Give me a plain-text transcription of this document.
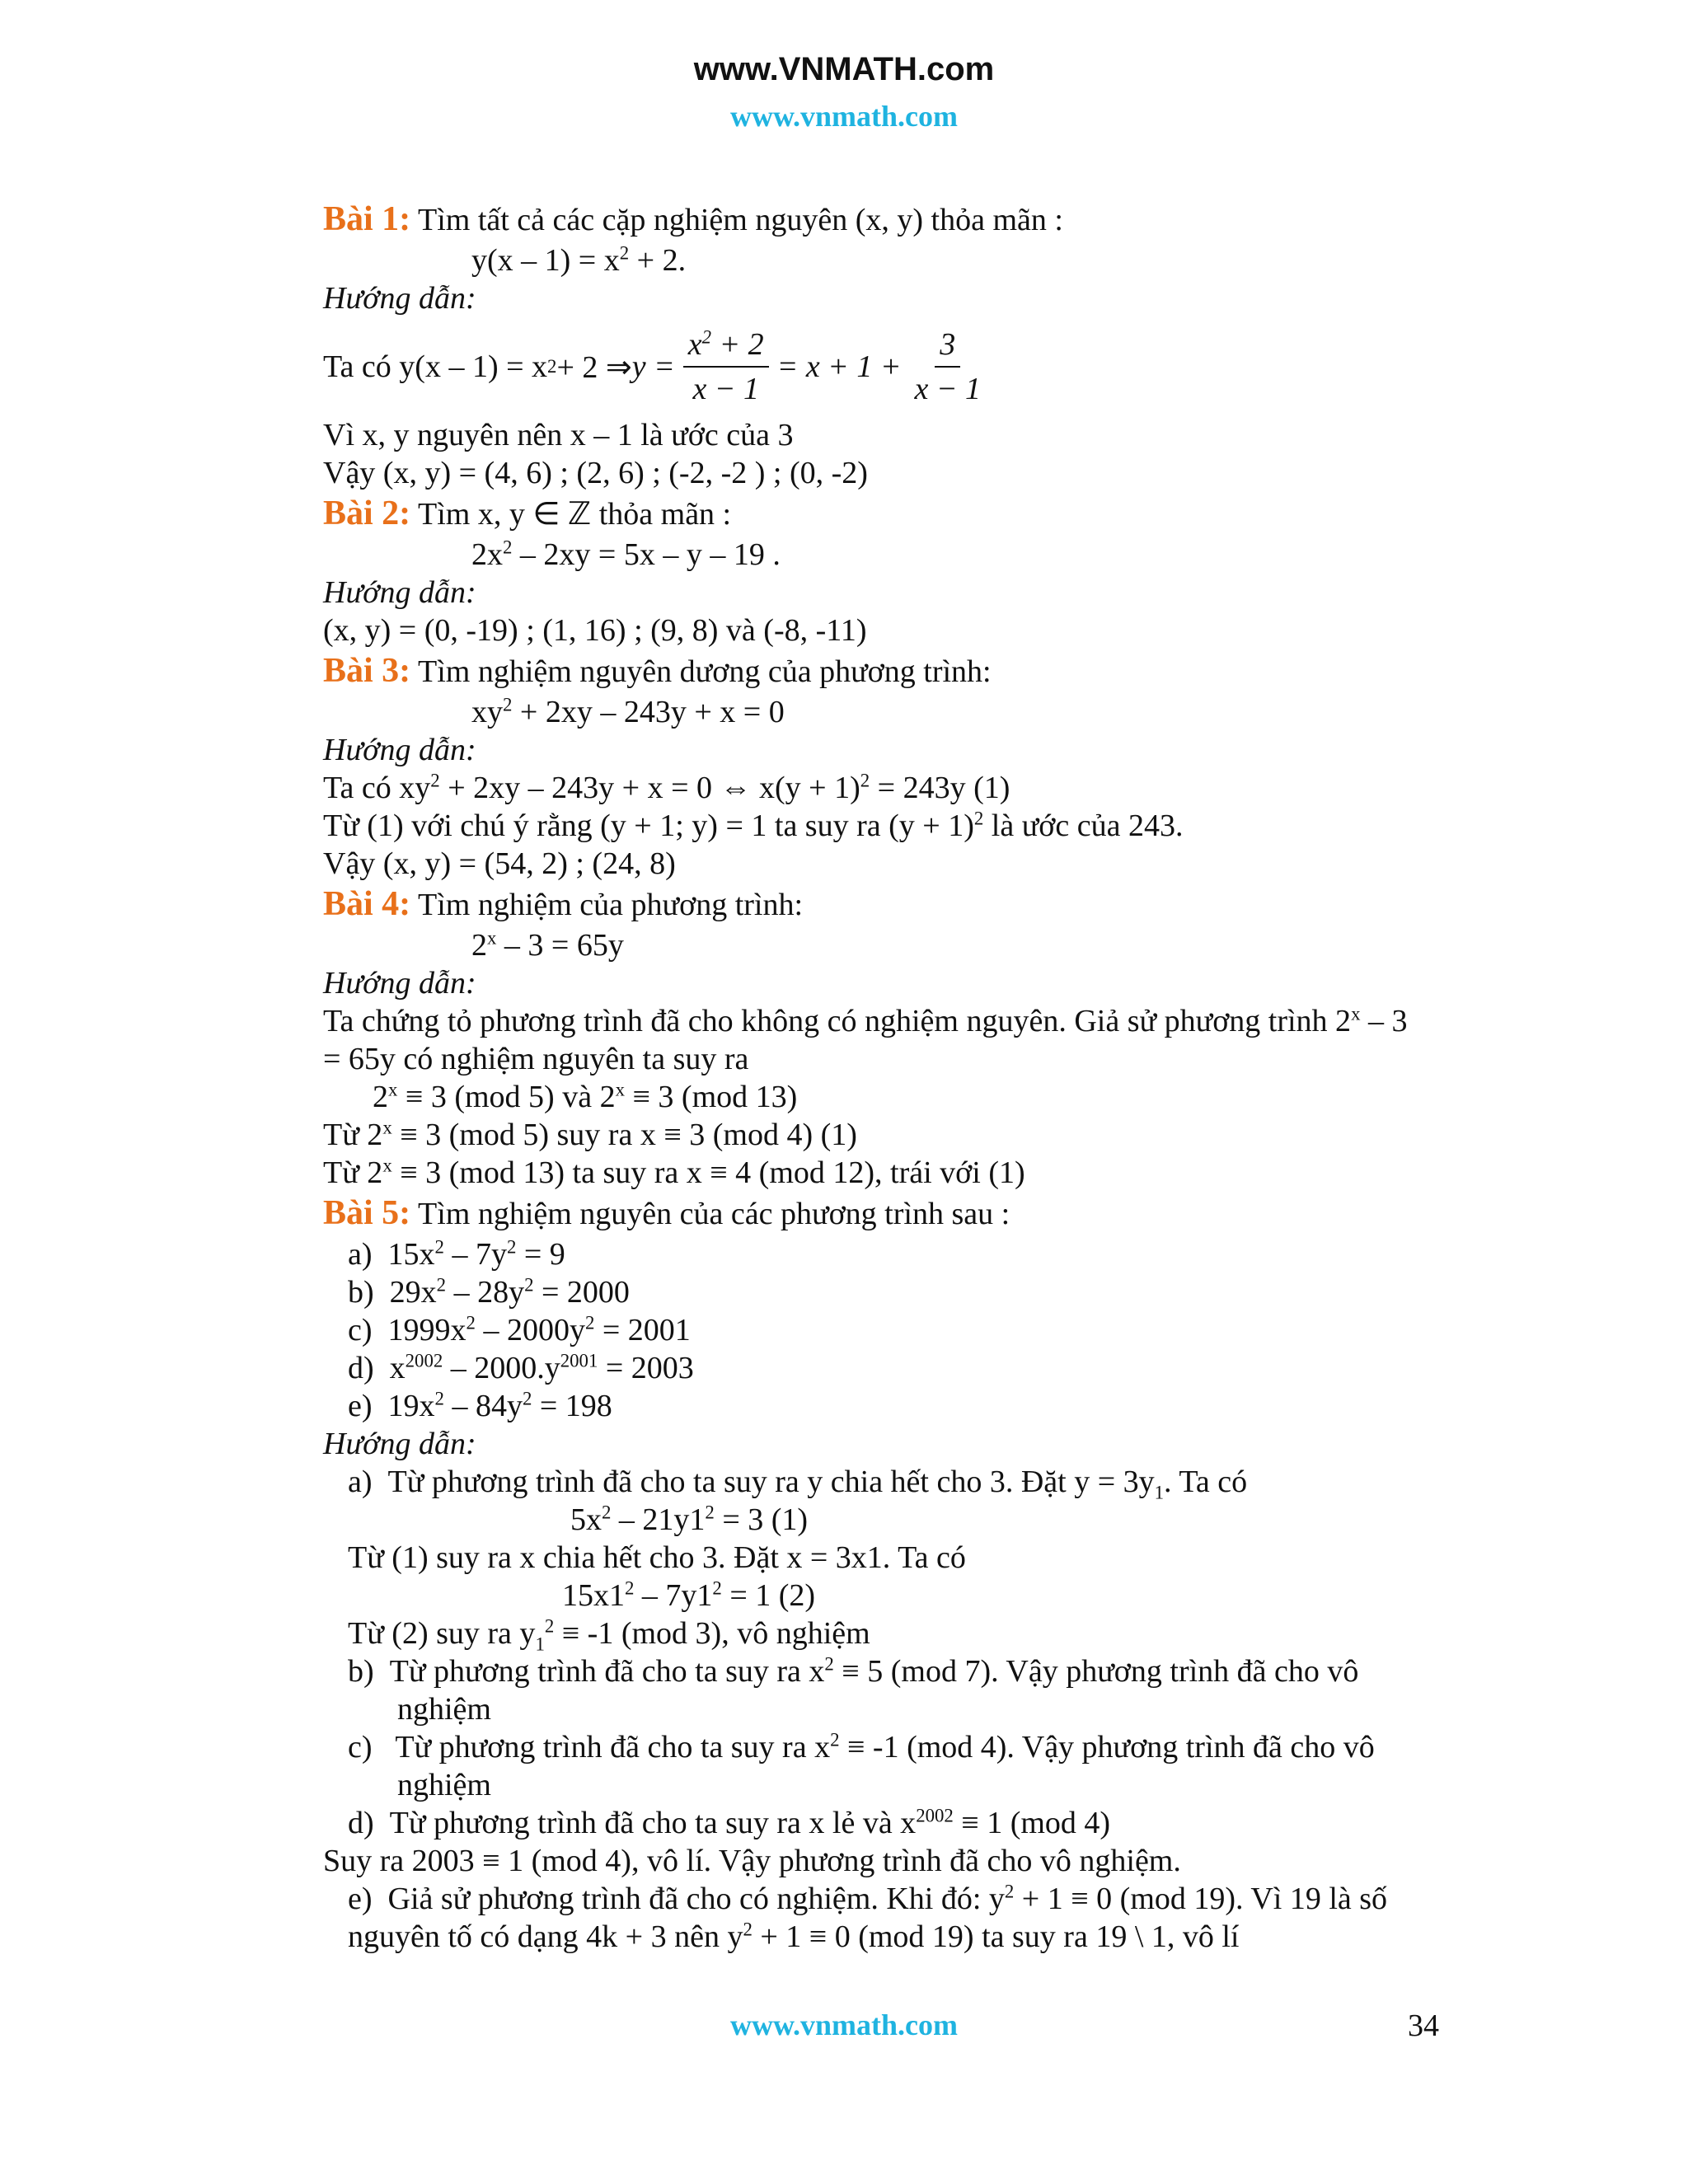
www.VNMATH.com
www.vnmath.com
Bài 1: Tìm tất cả các cặp nghiệm nguyên (x, y) thỏa mãn :
$y(x - 1) = x^2 + 2$.
Hướng dẫn:
Ta có y(x – 1) = x 2 + 2 ⇒ $y = \frac{x^2 + 2}{x - 1} = x + 1 + \frac{3}{x - 1}$
Vì x, y nguyên nên x – 1 là ước của 3
Vậy (x, y) = (4, 6) ; (2, 6) ; (-2, -2 ) ; (0, -2)
Bài 2: Tìm x, y ∈ ℤ thỏa mãn :
$2x^2 - 2xy = 5x - y - 19$ .
Hướng dẫn:
(x, y) = (0, -19) ; (1, 16) ; (9, 8) và (-8, -11)
Bài 3: Tìm nghiệm nguyên dương của phương trình:
$xy^2 + 2xy - 243y + x = 0$
Hướng dẫn:
Ta có $xy^2 + 2xy - 243y + x = 0$ ⇔ $x(y + 1)^2 = 243y$ (1)
Từ (1) với chú ý rằng (y + 1; y) = 1 ta suy ra $(y + 1)^2$ là ước của 243.
Vậy (x, y) = (54, 2) ; (24, 8)
Bài 4: Tìm nghiệm của phương trình:
2$^x$ – 3 = 65y
Hướng dẫn:
Ta chứng tỏ phương trình đã cho không có nghiệm nguyên. Giả sử phương trình 2$^x$ – 3
= 65y có nghiệm nguyên ta suy ra
$2^x \equiv 3$ (mod 5) và $2^x \equiv 3$ (mod 13)
Từ $2^x \equiv 3$ (mod 5) suy ra x ≡ 3 (mod 4) (1)
Từ $2^x \equiv 3$ (mod 13) ta suy ra x ≡ 4 (mod 12), trái với (1)
Bài 5: Tìm nghiệm nguyên của các phương trình sau :
a) $15x^2 - 7y^2 = 9$
b) $29x^2 - 28y^2 = 2000$
c) $1999x^2 - 2000y^2 = 2001$
d) $x^{2002} - 2000.y^{2001} = 2003$
e) $19x^2 - 84y^2 = 198$
Hướng dẫn:
a) Từ phương trình đã cho ta suy ra y chia hết cho 3. Đặt $y = 3y_1$. Ta có
$5x^2 - 21y1^2 = 3$ (1)
Từ (1) suy ra x chia hết cho 3. Đặt x = 3x1. Ta có
$15x1^2 - 7y1^2 = 1$ (2)
Từ (2) suy ra $y_1^2 \equiv -1$ (mod 3), vô nghiệm
b) Từ phương trình đã cho ta suy ra $x^2 \equiv 5$ (mod 7). Vậy phương trình đã cho vô
nghiệm
c)   Từ phương trình đã cho ta suy ra $x^2 \equiv -1$ (mod 4). Vậy phương trình đã cho vô
nghiệm
d) Từ phương trình đã cho ta suy ra x lẻ và $x^{2002} \equiv 1$ (mod 4)
Suy ra 2003 ≡ 1 (mod 4), vô lí. Vậy phương trình đã cho vô nghiệm.
e) Giả sử phương trình đã cho có nghiệm. Khi đó: $y^2 + 1 \equiv 0$ (mod 19). Vì 19 là số
nguyên tố có dạng 4k + 3 nên $y^2 + 1 \equiv 0$ (mod 19) ta suy ra 19 \ 1, vô lí
www.vnmath.com	34
